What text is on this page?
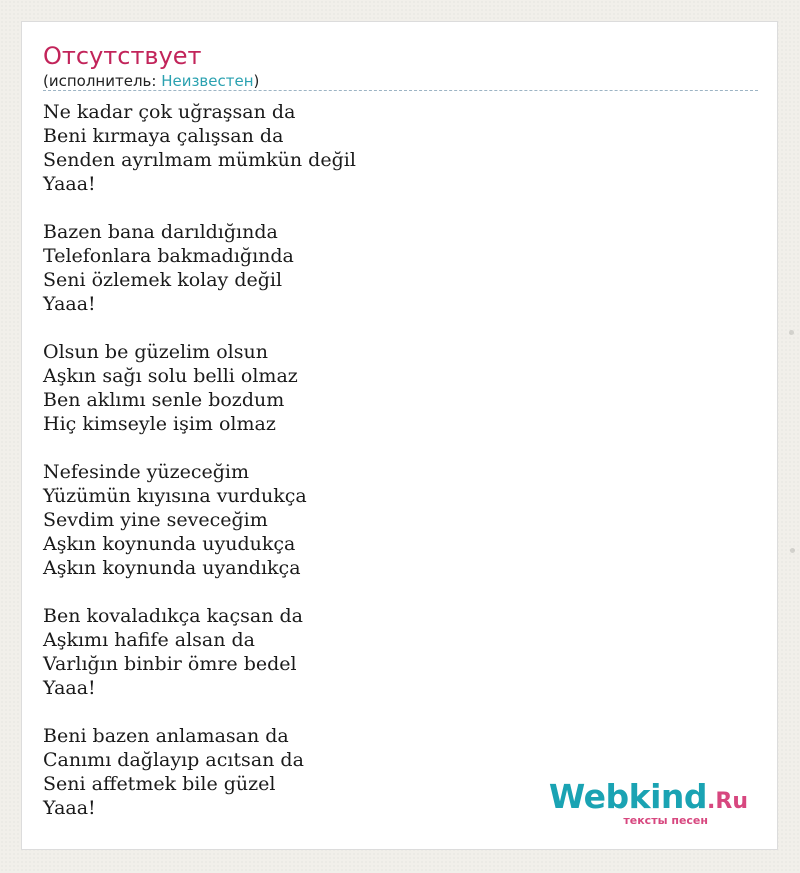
Отсутствует
(исполнитель: Неизвестен)
Ne kadar çok uğraşsan da
Beni kırmaya çalışsan da
Senden ayrılmam mümkün değil
Yaaa!
Bazen bana darıldığında
Telefonlara bakmadığında
Seni özlemek kolay değil
Yaaa!
Olsun be güzelim olsun
Aşkın sağı solu belli olmaz
Ben aklımı senle bozdum
Hiç kimseyle işim olmaz
Nefesinde yüzeceğim
Yüzümün kıyısına vurdukça
Sevdim yine seveceğim
Aşkın koynunda uyudukça
Aşkın koynunda uyandıkça
Ben kovaladıkça kaçsan da
Aşkımı hafife alsan da
Varlığın binbir ömre bedel
Yaaa!
Beni bazen anlamasan da
Canımı dağlayıp acıtsan da
Seni affetmek bile güzel
Yaaa!	Webkind.Ru
тексты песен
